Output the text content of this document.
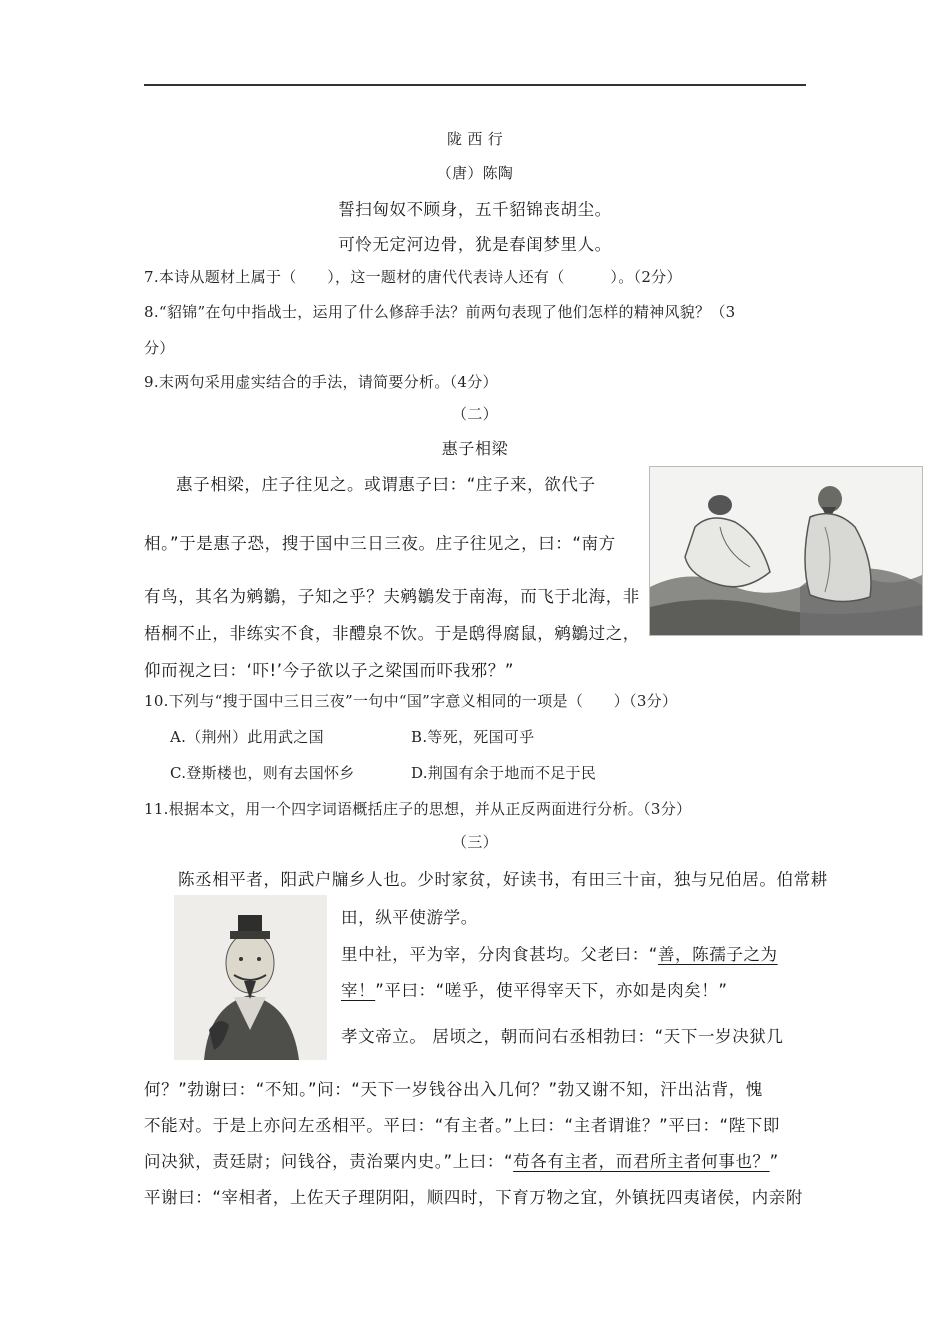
陇 西 行
（唐）陈陶
誓扫匈奴不顾身，五千貂锦丧胡尘。
可怜无定河边骨，犹是春闺梦里人。
7.本诗从题材上属于（　　），这一题材的唐代代表诗人还有（　　　）。（2分）
8.“貂锦”在句中指战士，运用了什么修辞手法？前两句表现了他们怎样的精神风貌？（3
分）
9.末两句采用虚实结合的手法，请简要分析。（4分）
（二）
惠子相梁
惠子相梁，庄子往见之。或谓惠子曰：“庄子来，欲代子
相。”于是惠子恐，搜于国中三日三夜。庄子往见之，曰：“南方
有鸟，其名为鹓鶵，子知之乎？夫鹓鶵发于南海，而飞于北海，非
梧桐不止，非练实不食，非醴泉不饮。于是鸱得腐鼠，鹓鶵过之，
仰而视之曰：‘吓!’今子欲以子之梁国而吓我邪？”
10.下列与“搜于国中三日三夜”一句中“国”字意义相同的一项是（　　）（3分）
A.（荆州）此用武之国	B.等死，死国可乎
C.登斯楼也，则有去国怀乡	D.荆国有余于地而不足于民
11.根据本文，用一个四字词语概括庄子的思想，并从正反两面进行分析。（3分）
（三）
陈丞相平者，阳武户牖乡人也。少时家贫，好读书，有田三十亩，独与兄伯居。伯常耕
田，纵平使游学。
里中社，平为宰，分肉食甚均。父老曰：“善，陈孺子之为
宰！”平曰：“嗟乎，使平得宰天下，亦如是肉矣！”
孝文帝立。 居顷之，朝而问右丞相勃曰：“天下一岁决狱几
何？”勃谢曰：“不知。”问：“天下一岁钱谷出入几何？”勃又谢不知，汗出沾背，愧
不能对。于是上亦问左丞相平。平曰：“有主者。”上曰：“主者谓谁？”平曰：“陛下即
问决狱，责廷尉；问钱谷，责治粟内史。”上曰：“苟各有主者，而君所主者何事也？”
平谢曰：“宰相者，上佐天子理阴阳，顺四时，下育万物之宜，外镇抚四夷诸侯，内亲附
